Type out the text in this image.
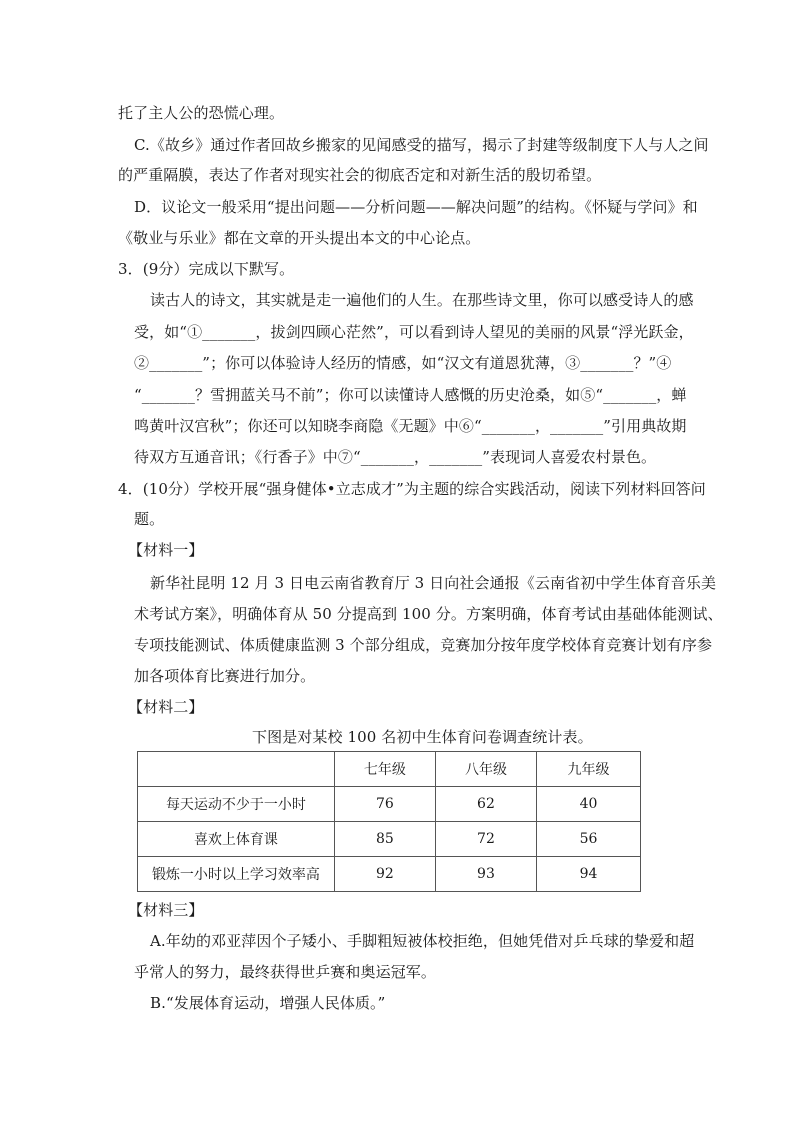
托了主人公的恐慌心理。
C.《故乡》通过作者回故乡搬家的见闻感受的描写，揭示了封建等级制度下人与人之间
的严重隔膜，表达了作者对现实社会的彻底否定和对新生活的殷切希望。
D．议论文一般采用“提出问题——分析问题——解决问题”的结构。《怀疑与学问》和
《敬业与乐业》都在文章的开头提出本文的中心论点。
3．(9分）完成以下默写。
读古人的诗文，其实就是走一遍他们的人生。在那些诗文里，你可以感受诗人的感
受，如“①_______，拔剑四顾心茫然”，可以看到诗人望见的美丽的风景“浮光跃金，
②_______”；你可以体验诗人经历的情感，如“汉文有道恩犹薄，③_______？”④
“_______？雪拥蓝关马不前”；你可以读懂诗人感慨的历史沧桑，如⑤“_______，蝉
鸣黄叶汉宫秋”；你还可以知晓李商隐《无题》中⑥“_______，_______”引用典故期
待双方互通音讯；《行香子》中⑦“_______，_______”表现词人喜爱农村景色。
4．(10分）学校开展“强身健体•立志成才”为主题的综合实践活动，阅读下列材料回答问
题。
【材料一】
新华社昆明 12 月 3 日电云南省教育厅 3 日向社会通报《云南省初中学生体育音乐美
术考试方案》，明确体育从 50 分提高到 100 分。方案明确，体育考试由基础体能测试、
专项技能测试、体质健康监测 3 个部分组成，竞赛加分按年度学校体育竞赛计划有序参
加各项体育比赛进行加分。
【材料二】
下图是对某校 100 名初中生体育问卷调查统计表。
	七年级	八年级	九年级
每天运动不少于一小时	76	62	40
喜欢上体育课	85	72	56
锻炼一小时以上学习效率高	92	93	94
【材料三】
A.年幼的邓亚萍因个子矮小、手脚粗短被体校拒绝，但她凭借对乒乓球的挚爱和超
乎常人的努力，最终获得世乒赛和奥运冠军。
B.“发展体育运动，增强人民体质。”
